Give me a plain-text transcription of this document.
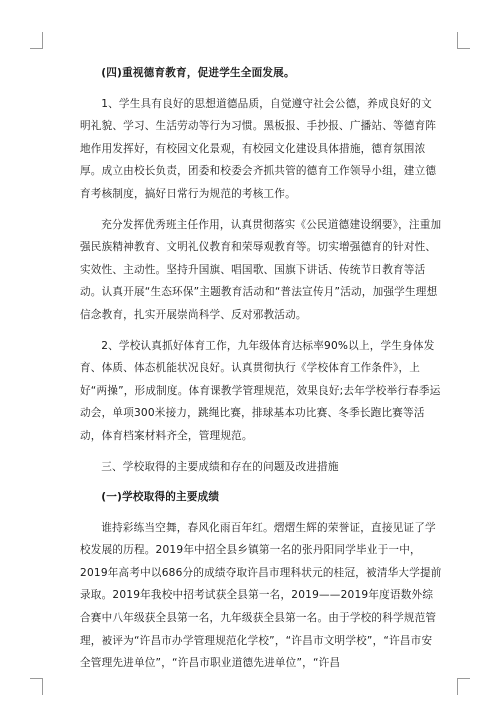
(四)重视德育教育，促进学生全面发展。

1、学生具有良好的思想道德品质，自觉遵守社会公德，养成良好的文明礼貌、学习、生活劳动等行为习惯。黑板报、手抄报、广播站、等德育阵地作用发挥好，有校园文化景观，有校园文化建设具体措施，德育氛围浓厚。成立由校长负责，团委和校委会齐抓共管的德育工作领导小组，建立德育考核制度，搞好日常行为规范的考核工作。

充分发挥优秀班主任作用，认真贯彻落实《公民道德建设纲要》，注重加强民族精神教育、文明礼仪教育和荣辱观教育等。切实增强德育的针对性、实效性、主动性。坚持升国旗、唱国歌、国旗下讲话、传统节日教育等活动。认真开展“生态环保”主题教育活动和“普法宣传月”活动，加强学生理想信念教育，扎实开展崇尚科学、反对邪教活动。

2、学校认真抓好体育工作，九年级体育达标率90%以上，学生身体发育、体质、体态机能状况良好。认真贯彻执行《学校体育工作条件》，上好“两操”，形成制度。体育课教学管理规范，效果良好;去年学校举行春季运动会，单项300米接力，跳绳比赛，排球基本功比赛、冬季长跑比赛等活动，体育档案材料齐全，管理规范。

三、学校取得的主要成绩和存在的问题及改进措施

(一)学校取得的主要成绩

谁持彩练当空舞，春风化雨百年红。熠熠生辉的荣誉证，直接见证了学校发展的历程。2019年中招全县乡镇第一名的张丹阳同学毕业于一中，2019年高考中以686分的成绩夺取许昌市理科状元的桂冠，被清华大学提前录取。2019年我校中招考试获全县第一名，2019——2019年度语数外综合赛中八年级获全县第一名，九年级获全县第一名。由于学校的科学规范管理，被评为“许昌市办学管理规范化学校”，“许昌市文明学校”，“许昌市安全管理先进单位”，“许昌市职业道德先进单位”，“许昌
